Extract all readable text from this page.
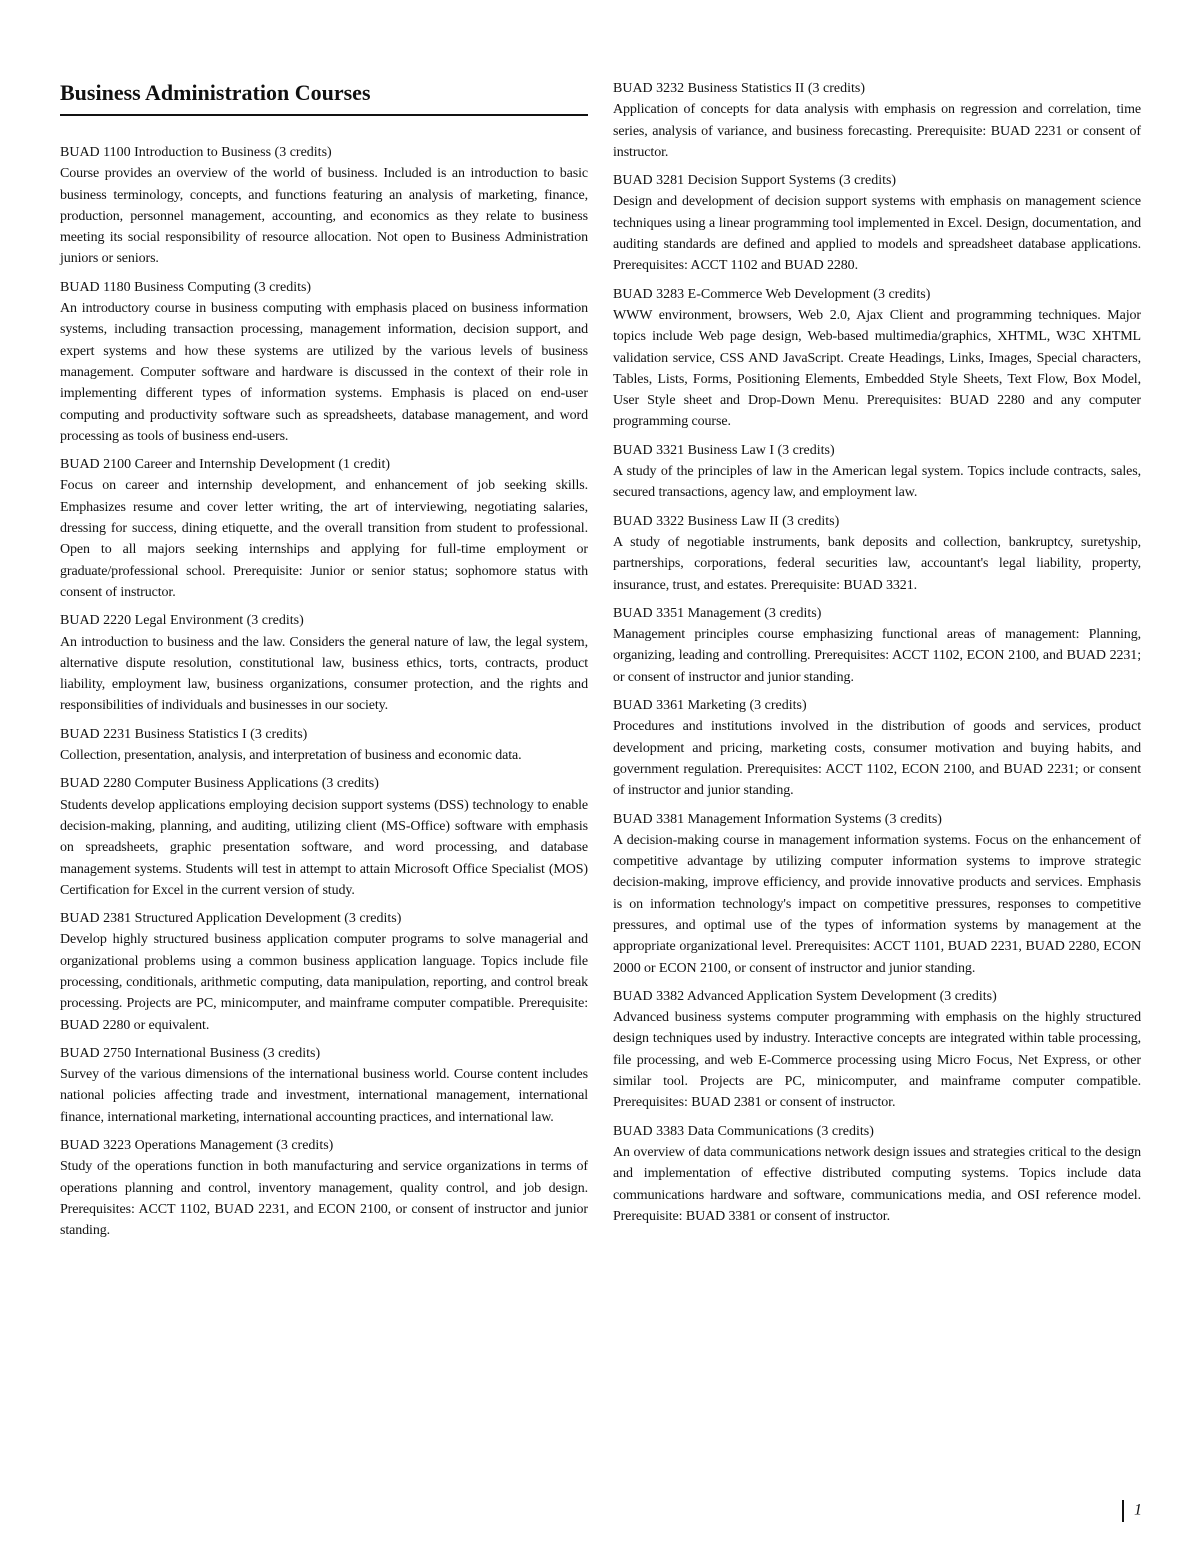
Business Administration Courses

BUAD 1100 Introduction to Business (3 credits)

Course provides an overview of the world of business. Included is an introduction to basic business terminology, concepts, and functions featuring an analysis of marketing, finance, production, personnel management, accounting, and economics as they relate to business meeting its social responsibility of resource allocation. Not open to Business Administration juniors or seniors.

BUAD 1180 Business Computing (3 credits)

An introductory course in business computing with emphasis placed on business information systems, including transaction processing, management information, decision support, and expert systems and how these systems are utilized by the various levels of business management. Computer software and hardware is discussed in the context of their role in implementing different types of information systems. Emphasis is placed on end-user computing and productivity software such as spreadsheets, database management, and word processing as tools of business end-users.

BUAD 2100 Career and Internship Development (1 credit)

Focus on career and internship development, and enhancement of job seeking skills. Emphasizes resume and cover letter writing, the art of interviewing, negotiating salaries, dressing for success, dining etiquette, and the overall transition from student to professional. Open to all majors seeking internships and applying for full-time employment or graduate/professional school. Prerequisite: Junior or senior status; sophomore status with consent of instructor.

BUAD 2220 Legal Environment (3 credits)

An introduction to business and the law. Considers the general nature of law, the legal system, alternative dispute resolution, constitutional law, business ethics, torts, contracts, product liability, employment law, business organizations, consumer protection, and the rights and responsibilities of individuals and businesses in our society.

BUAD 2231 Business Statistics I (3 credits)

Collection, presentation, analysis, and interpretation of business and economic data.

BUAD 2280 Computer Business Applications (3 credits)

Students develop applications employing decision support systems (DSS) technology to enable decision-making, planning, and auditing, utilizing client (MS-Office) software with emphasis on spreadsheets, graphic presentation software, and word processing, and database management systems. Students will test in attempt to attain Microsoft Office Specialist (MOS) Certification for Excel in the current version of study.

BUAD 2381 Structured Application Development (3 credits)

Develop highly structured business application computer programs to solve managerial and organizational problems using a common business application language. Topics include file processing, conditionals, arithmetic computing, data manipulation, reporting, and control break processing. Projects are PC, minicomputer, and mainframe computer compatible. Prerequisite: BUAD 2280 or equivalent.

BUAD 2750 International Business (3 credits)

Survey of the various dimensions of the international business world. Course content includes national policies affecting trade and investment, international management, international finance, international marketing, international accounting practices, and international law.

BUAD 3223 Operations Management (3 credits)

Study of the operations function in both manufacturing and service organizations in terms of operations planning and control, inventory management, quality control, and job design. Prerequisites: ACCT 1102, BUAD 2231, and ECON 2100, or consent of instructor and junior standing.

BUAD 3232 Business Statistics II (3 credits)

Application of concepts for data analysis with emphasis on regression and correlation, time series, analysis of variance, and business forecasting. Prerequisite: BUAD 2231 or consent of instructor.

BUAD 3281 Decision Support Systems (3 credits)

Design and development of decision support systems with emphasis on management science techniques using a linear programming tool implemented in Excel. Design, documentation, and auditing standards are defined and applied to models and spreadsheet database applications. Prerequisites: ACCT 1102 and BUAD 2280.

BUAD 3283 E-Commerce Web Development (3 credits)

WWW environment, browsers, Web 2.0, Ajax Client and programming techniques. Major topics include Web page design, Web-based multimedia/graphics, XHTML, W3C XHTML validation service, CSS AND JavaScript. Create Headings, Links, Images, Special characters, Tables, Lists, Forms, Positioning Elements, Embedded Style Sheets, Text Flow, Box Model, User Style sheet and Drop-Down Menu. Prerequisites: BUAD 2280 and any computer programming course.

BUAD 3321 Business Law I (3 credits)

A study of the principles of law in the American legal system. Topics include contracts, sales, secured transactions, agency law, and employment law.

BUAD 3322 Business Law II (3 credits)

A study of negotiable instruments, bank deposits and collection, bankruptcy, suretyship, partnerships, corporations, federal securities law, accountant's legal liability, property, insurance, trust, and estates. Prerequisite: BUAD 3321.

BUAD 3351 Management (3 credits)

Management principles course emphasizing functional areas of management: Planning, organizing, leading and controlling. Prerequisites: ACCT 1102, ECON 2100, and BUAD 2231; or consent of instructor and junior standing.

BUAD 3361 Marketing (3 credits)

Procedures and institutions involved in the distribution of goods and services, product development and pricing, marketing costs, consumer motivation and buying habits, and government regulation. Prerequisites: ACCT 1102, ECON 2100, and BUAD 2231; or consent of instructor and junior standing.

BUAD 3381 Management Information Systems (3 credits)

A decision-making course in management information systems. Focus on the enhancement of competitive advantage by utilizing computer information systems to improve strategic decision-making, improve efficiency, and provide innovative products and services. Emphasis is on information technology's impact on competitive pressures, responses to competitive pressures, and optimal use of the types of information systems by management at the appropriate organizational level. Prerequisites: ACCT 1101, BUAD 2231, BUAD 2280, ECON 2000 or ECON 2100, or consent of instructor and junior standing.

BUAD 3382 Advanced Application System Development (3 credits)

Advanced business systems computer programming with emphasis on the highly structured design techniques used by industry. Interactive concepts are integrated within table processing, file processing, and web E-Commerce processing using Micro Focus, Net Express, or other similar tool. Projects are PC, minicomputer, and mainframe computer compatible. Prerequisites: BUAD 2381 or consent of instructor.

BUAD 3383 Data Communications (3 credits)

An overview of data communications network design issues and strategies critical to the design and implementation of effective distributed computing systems. Topics include data communications hardware and software, communications media, and OSI reference model. Prerequisite: BUAD 3381 or consent of instructor.

1
